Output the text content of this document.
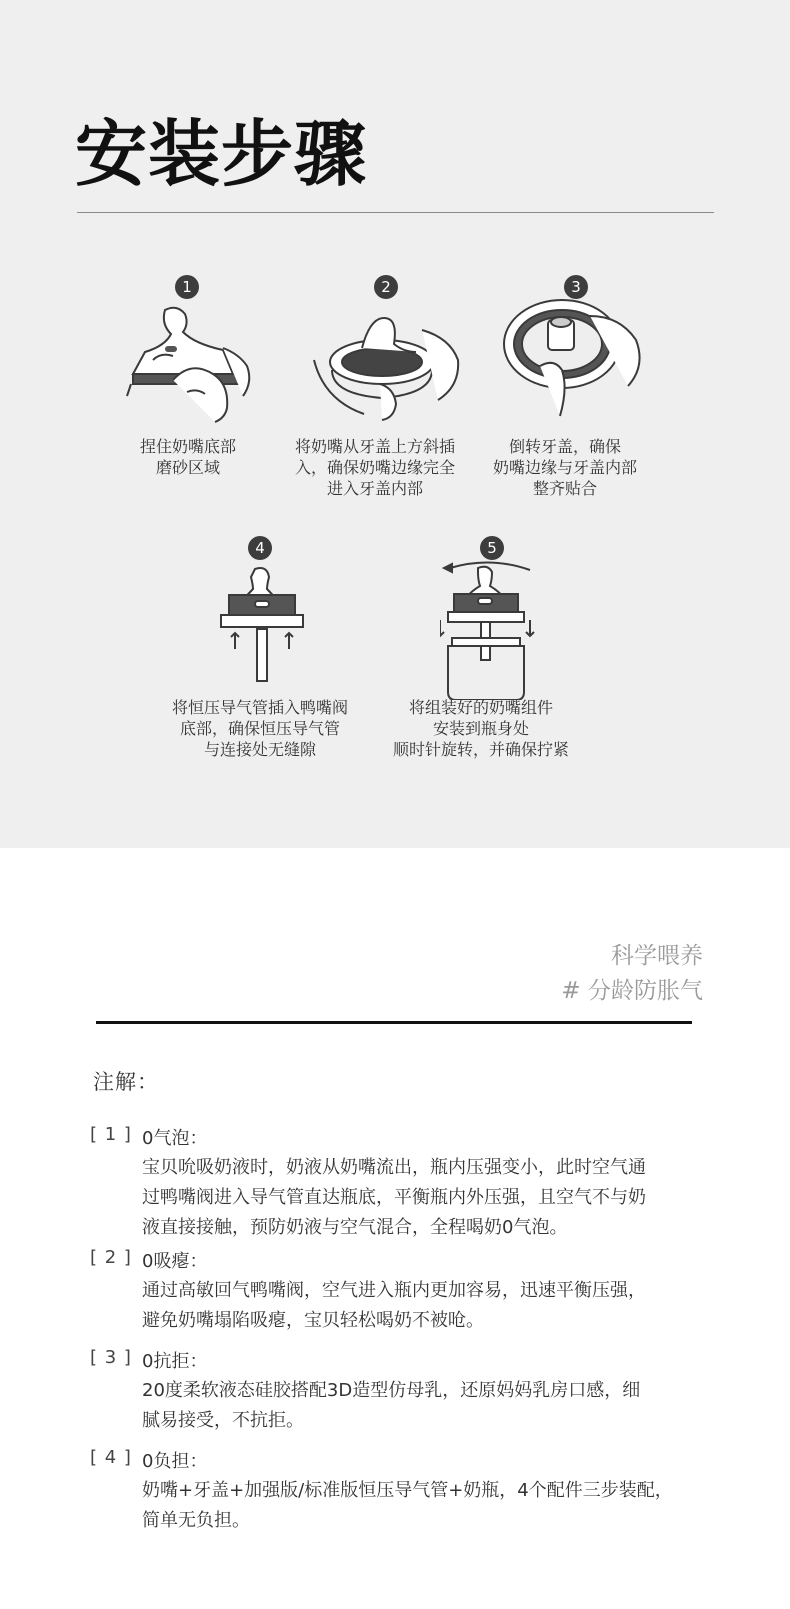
安装步骤
1
捏住奶嘴底部
磨砂区域
2
将奶嘴从牙盖上方斜插
入，确保奶嘴边缘完全
进入牙盖内部
3
倒转牙盖，确保
奶嘴边缘与牙盖内部
整齐贴合
4
将恒压导气管插入鸭嘴阀
底部，确保恒压导气管
与连接处无缝隙
5
将组装好的奶嘴组件
安装到瓶身处
顺时针旋转，并确保拧紧
科学喂养
# 分龄防胀气
注解：
[ 1 ] 0气泡：
宝贝吮吸奶液时，奶液从奶嘴流出，瓶内压强变小，此时空气通
过鸭嘴阀进入导气管直达瓶底，平衡瓶内外压强，且空气不与奶
液直接接触，预防奶液与空气混合，全程喝奶0气泡。
[ 2 ] 0吸瘪：
通过高敏回气鸭嘴阀，空气进入瓶内更加容易，迅速平衡压强，
避免奶嘴塌陷吸瘪，宝贝轻松喝奶不被呛。
[ 3 ] 0抗拒：
20度柔软液态硅胶搭配3D造型仿母乳，还原妈妈乳房口感，细
腻易接受，不抗拒。
[ 4 ] 0负担：
奶嘴+牙盖+加强版/标准版恒压导气管+奶瓶，4个配件三步装配，
简单无负担。
